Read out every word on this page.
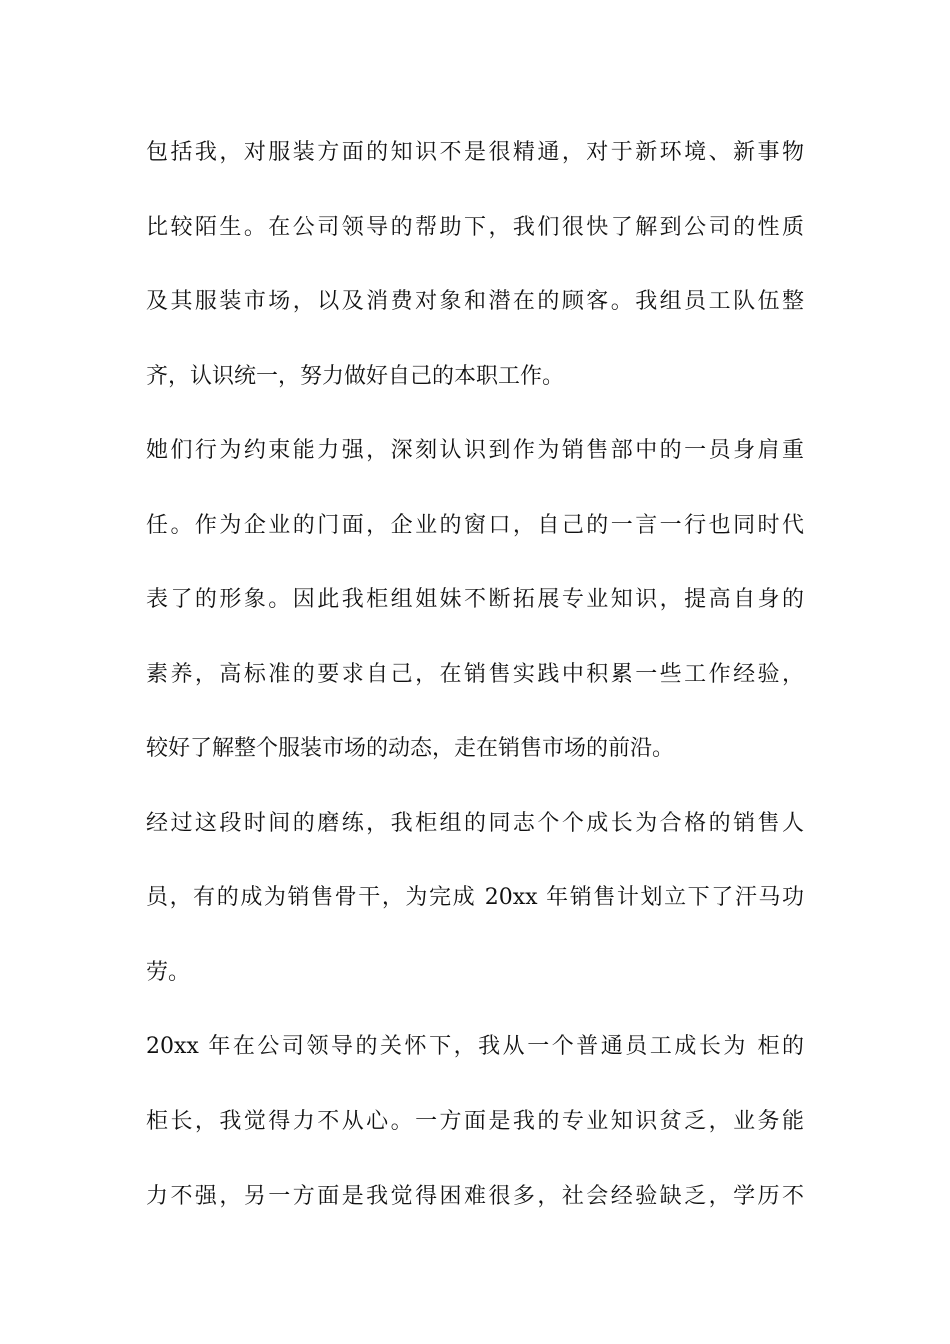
包括我，对服装方面的知识不是很精通，对于新环境、新事物
比较陌生。在公司领导的帮助下，我们很快了解到公司的性质
及其服装市场，以及消费对象和潜在的顾客。我组员工队伍整
齐，认识统一，努力做好自己的本职工作。
她们行为约束能力强，深刻认识到作为销售部中的一员身肩重
任。作为企业的门面，企业的窗口，自己的一言一行也同时代
表了的形象。因此我柜组姐妹不断拓展专业知识，提高自身的
素养，高标准的要求自己，在销售实践中积累一些工作经验，
较好了解整个服装市场的动态，走在销售市场的前沿。
经过这段时间的磨练，我柜组的同志个个成长为合格的销售人
员，有的成为销售骨干，为完成 20xx 年销售计划立下了汗马功
劳。
20xx 年在公司领导的关怀下，我从一个普通员工成长为 柜的
柜长，我觉得力不从心。一方面是我的专业知识贫乏，业务能
力不强，另一方面是我觉得困难很多，社会经验缺乏，学历不
